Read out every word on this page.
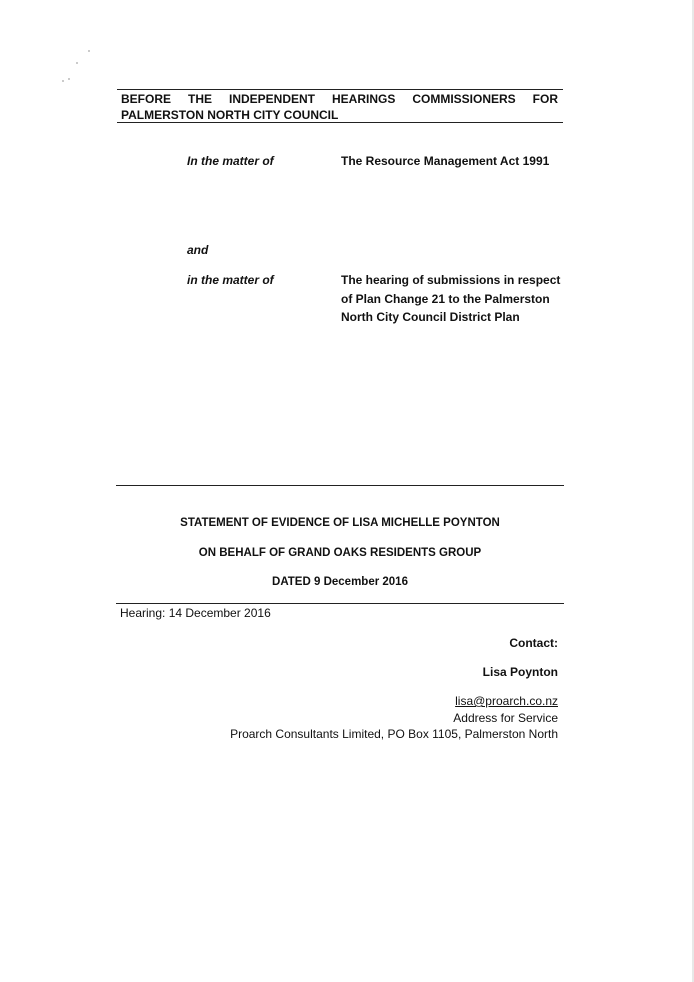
BEFORE THE INDEPENDENT HEARINGS COMMISSIONERS FOR PALMERSTON NORTH CITY COUNCIL
In the matter of	The Resource Management Act 1991
and
in the matter of	The hearing of submissions in respect of Plan Change 21 to the Palmerston North City Council District Plan
STATEMENT OF EVIDENCE OF LISA MICHELLE POYNTON
ON BEHALF OF GRAND OAKS RESIDENTS GROUP
DATED 9 December 2016
Hearing: 14 December 2016
Contact:
Lisa Poynton
lisa@proarch.co.nz
Address for Service
Proarch Consultants Limited, PO Box 1105, Palmerston North
